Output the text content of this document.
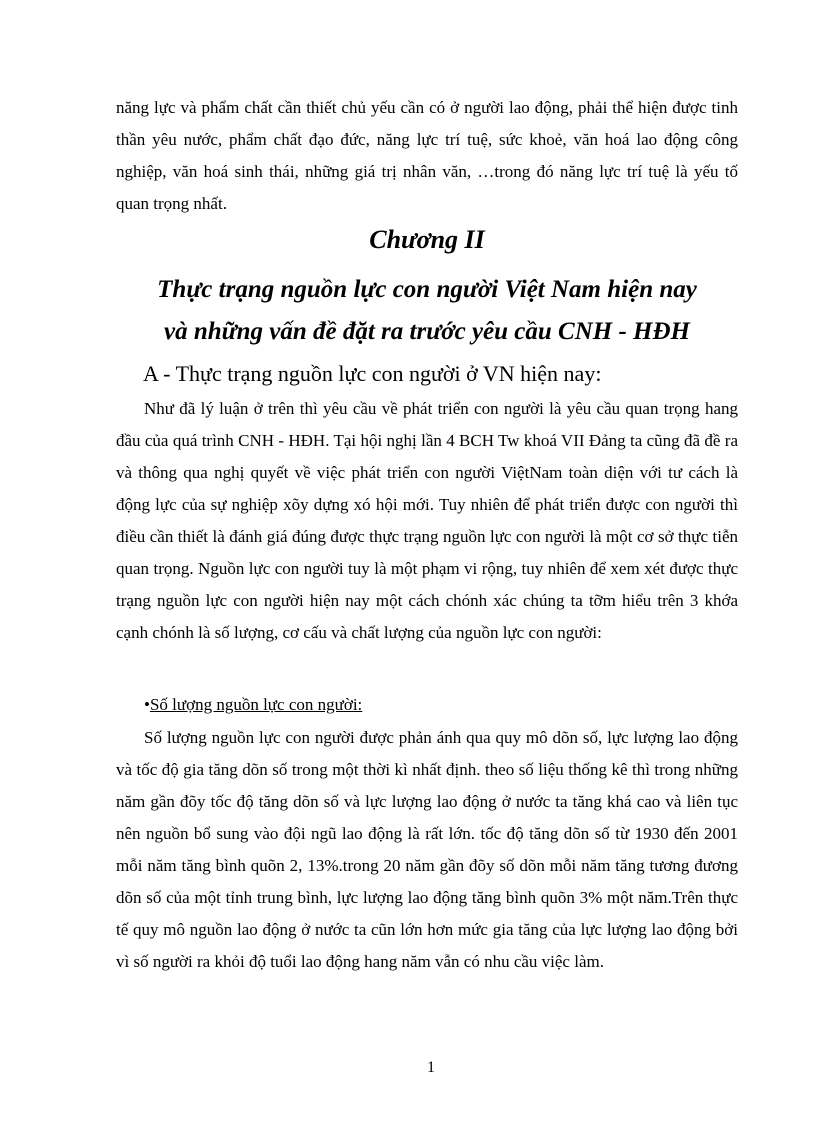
năng lực và phẩm chất cần thiết chủ yếu cần có ở người lao động, phải thể hiện được tinh thần yêu nước, phẩm chất đạo đức, năng lực trí tuệ, sức khoẻ, văn hoá lao động công nghiệp, văn hoá sinh thái, những giá trị nhân văn, …trong đó năng lực trí tuệ là yếu tố quan trọng nhất.

Chương II
Thực trạng nguồn lực con người Việt Nam hiện nay
và những vấn đề đặt ra trước yêu cầu CNH - HĐH
A - Thực trạng nguồn lực con người ở VN hiện nay:

Như đã lý luận ở trên thì yêu cầu về phát triển con người là yêu cầu quan trọng hang đầu của quá trình CNH - HĐH. Tại hội nghị lần 4 BCH Tw khoá VII Đảng ta cũng đã đề ra và thông qua nghị quyết về việc phát triển con người ViệtNam toàn diện với tư cách là động lực của sự nghiệp xõy dựng xó hội mới. Tuy nhiên để phát triển được con người thì điều cần thiết là đánh giá đúng được thực trạng nguồn lực con người là một cơ sở thực tiễn quan trọng. Nguồn lực con người tuy là một phạm vi rộng, tuy nhiên để xem xét được thực trạng nguồn lực con người hiện nay một cách chónh xác chúng ta tỡm hiểu trên 3 khớa cạnh chónh là số lượng, cơ cấu và chất lượng của nguồn lực con người:

•Số lượng nguồn lực con người:

Số lượng nguồn lực con người được phản ánh qua quy mô dõn số, lực lượng lao động và tốc độ gia tăng dõn số trong một thời kì nhất định. theo số liệu thống kê thì trong những năm gần đõy tốc độ tăng dõn số và lực lượng lao động ở nước ta tăng khá cao và liên tục nên nguồn bổ sung vào đội ngũ lao động là rất lớn. tốc độ tăng dõn số từ 1930 đến 2001 mỗi năm tăng bình quõn 2, 13%.trong 20 năm gần đõy số dõn mỗi năm tăng tương đương dõn số của một tỉnh trung bình, lực lượng lao động tăng bình quõn 3% một năm.Trên thực tế quy mô nguồn lao động ở nước ta cũn lớn hơn mức gia tăng của lực lượng lao động bởi vì số người ra khỏi độ tuổi lao động hang năm vẫn có nhu cầu việc làm.

1
